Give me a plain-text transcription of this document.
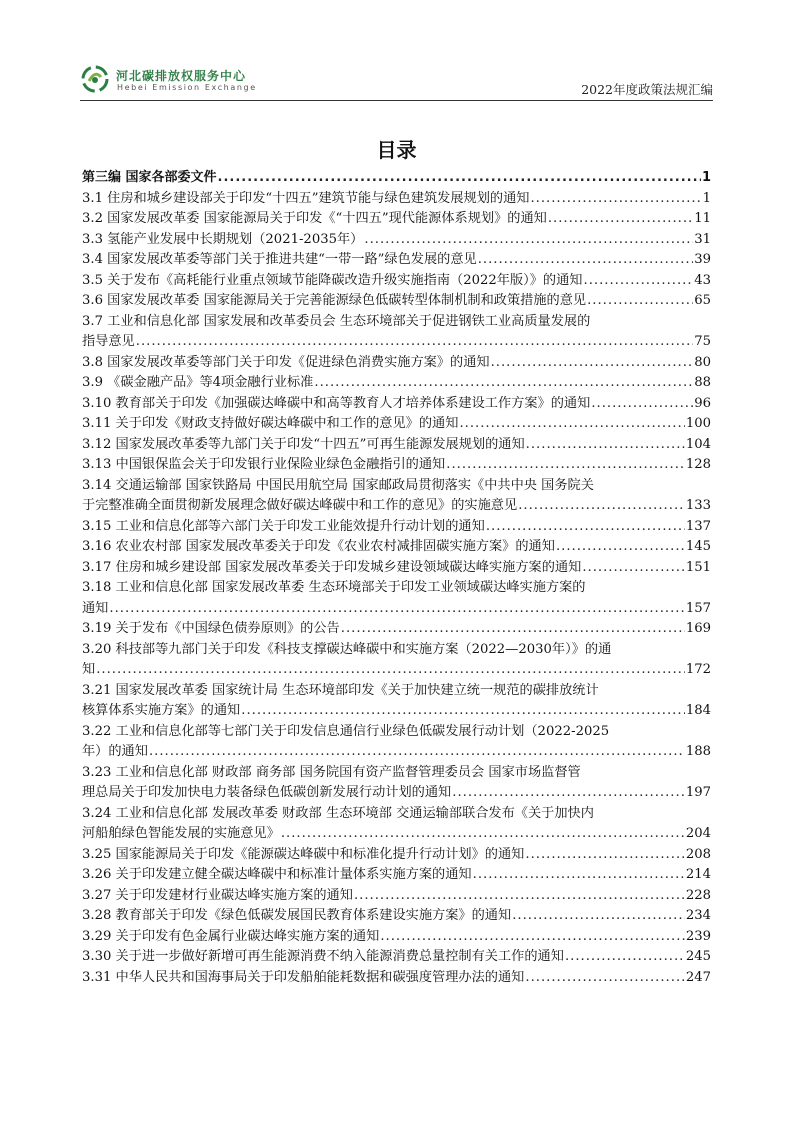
河北碳排放权服务中心
Hebei Emission Exchange	2022年度政策法规汇编
目录
第三编 国家各部委文件 .....	1
3.1 住房和城乡建设部关于印发“十四五”建筑节能与绿色建筑发展规划的通知 .....	1
3.2 国家发展改革委 国家能源局关于印发《“十四五”现代能源体系规划》的通知 .....	11
3.3 氢能产业发展中长期规划（2021-2035年） .....	31
3.4 国家发展改革委等部门关于推进共建“一带一路”绿色发展的意见 .....	39
3.5 关于发布《高耗能行业重点领域节能降碳改造升级实施指南（2022年版）》的通知 .....	43
3.6 国家发展改革委 国家能源局关于完善能源绿色低碳转型体制机制和政策措施的意见 .....	65
3.7 工业和信息化部 国家发展和改革委员会 生态环境部关于促进钢铁工业高质量发展的
指导意见 .....	75
3.8 国家发展改革委等部门关于印发《促进绿色消费实施方案》的通知 .....	80
3.9 《碳金融产品》等4项金融行业标准 .....	88
3.10 教育部关于印发《加强碳达峰碳中和高等教育人才培养体系建设工作方案》的通知 .....	96
3.11 关于印发《财政支持做好碳达峰碳中和工作的意见》的通知 .....	100
3.12 国家发展改革委等九部门关于印发“十四五”可再生能源发展规划的通知 .....	104
3.13 中国银保监会关于印发银行业保险业绿色金融指引的通知 .....	128
3.14 交通运输部 国家铁路局 中国民用航空局 国家邮政局贯彻落实《中共中央 国务院关
于完整准确全面贯彻新发展理念做好碳达峰碳中和工作的意见》的实施意见 .....	133
3.15 工业和信息化部等六部门关于印发工业能效提升行动计划的通知 .....	137
3.16 农业农村部 国家发展改革委关于印发《农业农村减排固碳实施方案》的通知 .....	145
3.17 住房和城乡建设部 国家发展改革委关于印发城乡建设领域碳达峰实施方案的通知 .....	151
3.18 工业和信息化部 国家发展改革委 生态环境部关于印发工业领域碳达峰实施方案的
通知 .....	157
3.19 关于发布《中国绿色债券原则》的公告 .....	169
3.20 科技部等九部门关于印发《科技支撑碳达峰碳中和实施方案（2022—2030年）》的通
知 .....	172
3.21 国家发展改革委 国家统计局 生态环境部印发《关于加快建立统一规范的碳排放统计
核算体系实施方案》的通知 .....	184
3.22 工业和信息化部等七部门关于印发信息通信行业绿色低碳发展行动计划（2022-2025
年）的通知 .....	188
3.23 工业和信息化部 财政部 商务部 国务院国有资产监督管理委员会 国家市场监督管
理总局关于印发加快电力装备绿色低碳创新发展行动计划的通知 .....	197
3.24 工业和信息化部 发展改革委 财政部 生态环境部 交通运输部联合发布《关于加快内
河船舶绿色智能发展的实施意见》 .....	204
3.25 国家能源局关于印发《能源碳达峰碳中和标准化提升行动计划》的通知 .....	208
3.26 关于印发建立健全碳达峰碳中和标准计量体系实施方案的通知 .....	214
3.27 关于印发建材行业碳达峰实施方案的通知 .....	228
3.28 教育部关于印发《绿色低碳发展国民教育体系建设实施方案》的通知 .....	234
3.29 关于印发有色金属行业碳达峰实施方案的通知 .....	239
3.30 关于进一步做好新增可再生能源消费不纳入能源消费总量控制有关工作的通知 .....	245
3.31 中华人民共和国海事局关于印发船舶能耗数据和碳强度管理办法的通知 .....	247
